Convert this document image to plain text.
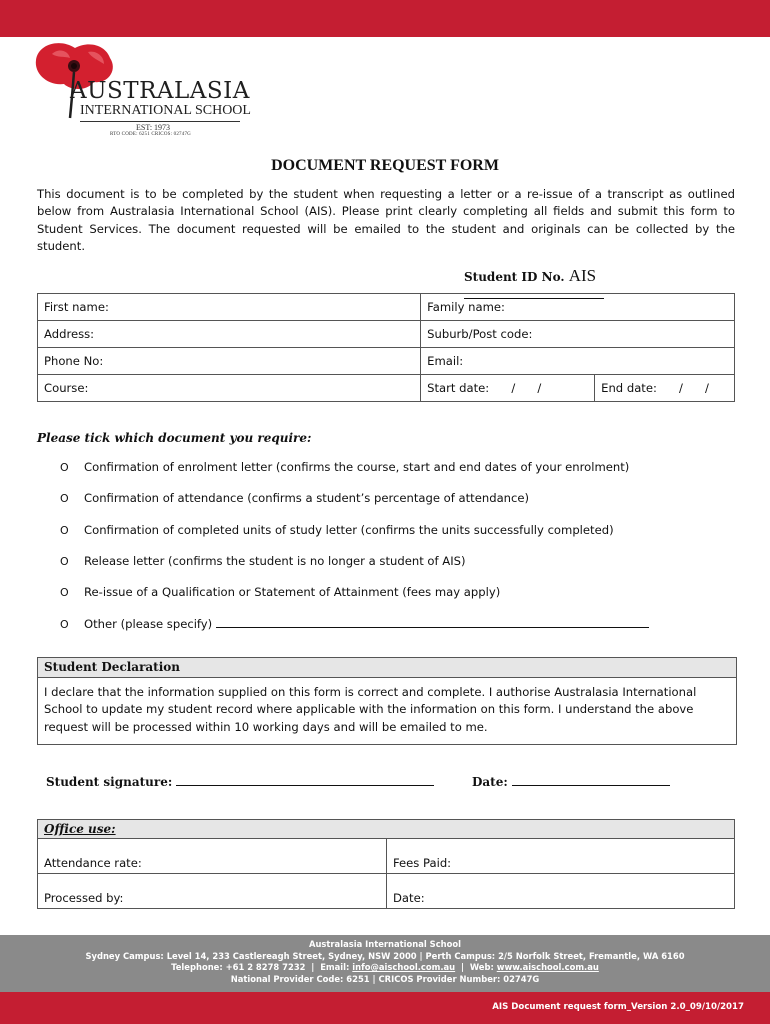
AUSTRALASIA
INTERNATIONAL SCHOOL
EST: 1973
RTO CODE: 6251 CRICOS: 02747G
DOCUMENT REQUEST FORM
This document is to be completed by the student when requesting a letter or a re-issue of a transcript as outlined below from Australasia International School (AIS). Please print clearly completing all fields and submit this form to Student Services. The document requested will be emailed to the student and originals can be collected by the student.
Student ID No. AIS
First name:	Family name:	
Address:	Suburb/Post code:	
Phone No:	Email:	
Course:	Start date: /      /	End date: /      /
Please tick which document you require:
O Confirmation of enrolment letter (confirms the course, start and end dates of your enrolment)
O Confirmation of attendance (confirms a student’s percentage of attendance)
O Confirmation of completed units of study letter (confirms the units successfully completed)
O Release letter (confirms the student is no longer a student of AIS)
O Re-issue of a Qualification or Statement of Attainment (fees may apply)
O Other (please specify)
Student Declaration
I declare that the information supplied on this form is correct and complete. I authorise Australasia International School to update my student record where applicable with the information on this form. I understand the above request will be processed within 10 working days and will be emailed to me.
Student signature:	Date:
Office use:	
Attendance rate:	Fees Paid:
Processed by:	Date:
Australasia International School
Sydney Campus: Level 14, 233 Castlereagh Street, Sydney, NSW 2000 | Perth Campus: 2/5 Norfolk Street, Fremantle, WA 6160
Telephone: +61 2 8278 7232  |  Email: info@aischool.com.au  |  Web: www.aischool.com.au
National Provider Code: 6251 | CRICOS Provider Number: 02747G
AIS Document request form_Version 2.0_09/10/2017
